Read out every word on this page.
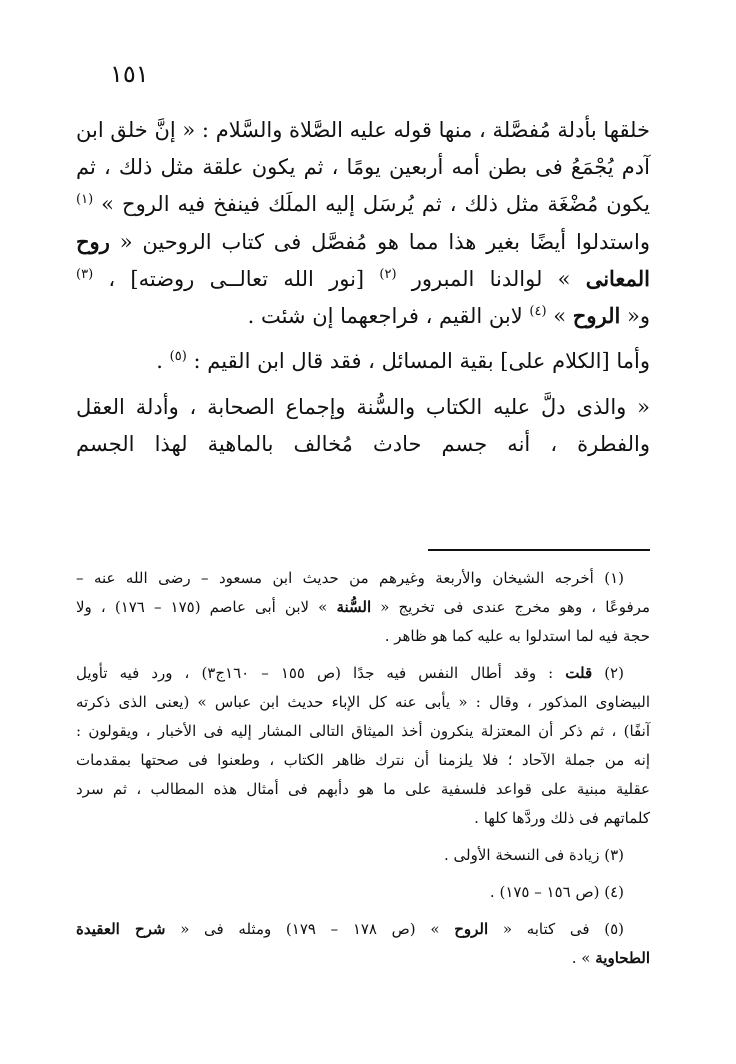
١٥١
خلقها بأدلة مُفصَّلة ، منها قوله عليه الصَّلاة والسَّلام : « إنَّ خلق ابن
آدم يُجْمَعُ فى بطن أمه أربعين يومًا ، ثم يكون علقة مثل ذلك ، ثم
يكون مُضْغَة مثل ذلك ، ثم يُرسَل إليه الملَك فينفخ فيه الروح » $^{(١)}$
واستدلوا أيضًا بغير هذا مما هو مُفصَّل فى كتاب الروحين « روح
المعانى » لوالدنا المبرور $^{(٢)}$ [نور الله تعالــى روضته] ، $^{(٣)}$
و« الروح » $^{(٤)}$ لابن القيم ، فراجعهما إن شئت .
وأما [الكلام على] بقية المسائل ، فقد قال ابن القيم : $^{(٥)}$ .
« والذى دلَّ عليه الكتاب والسُّنة وإجماع الصحابة ، وأدلة العقل
والفطرة ، أنه جسم حادث مُخالف بالماهية لهذا الجسم
(١) أخرجه الشيخان والأربعة وغيرهم من حديث ابن مسعود – رضى الله عنه –
مرفوعًا ، وهو مخرج عندى فى تخريج « السُّنة » لابن أبى عاصم (١٧٥ – ١٧٦) ، ولا
حجة فيه لما استدلوا به عليه كما هو ظاهر .
(٢) قلت : وقد أطال النفس فيه جدًا (ص ١٥٥ – ١٦٠ج٣) ، ورد فيه تأويل
البيضاوى المذكور ، وقال : « يأبى عنه كل الإباء حديث ابن عباس » (يعنى الذى ذكرته
آنفًا) ، ثم ذكر أن المعتزلة ينكرون أخذ الميثاق التالى المشار إليه فى الأخبار ، ويقولون :
إنه من جملة الآحاد ؛ فلا يلزمنا أن نترك ظاهر الكتاب ، وطعنوا فى صحتها بمقدمات
عقلية مبنية على قواعد فلسفية على ما هو دأبهم فى أمثال هذه المطالب ، ثم سرد
كلماتهم فى ذلك وردَّها كلها .
(٣) زيادة فى النسخة الأولى .
(٤) (ص ١٥٦ – ١٧٥) .
(٥) فى كتابه « الروح » (ص ١٧٨ – ١٧٩) ومثله فى « شرح العقيدة
الطحاوية » .
